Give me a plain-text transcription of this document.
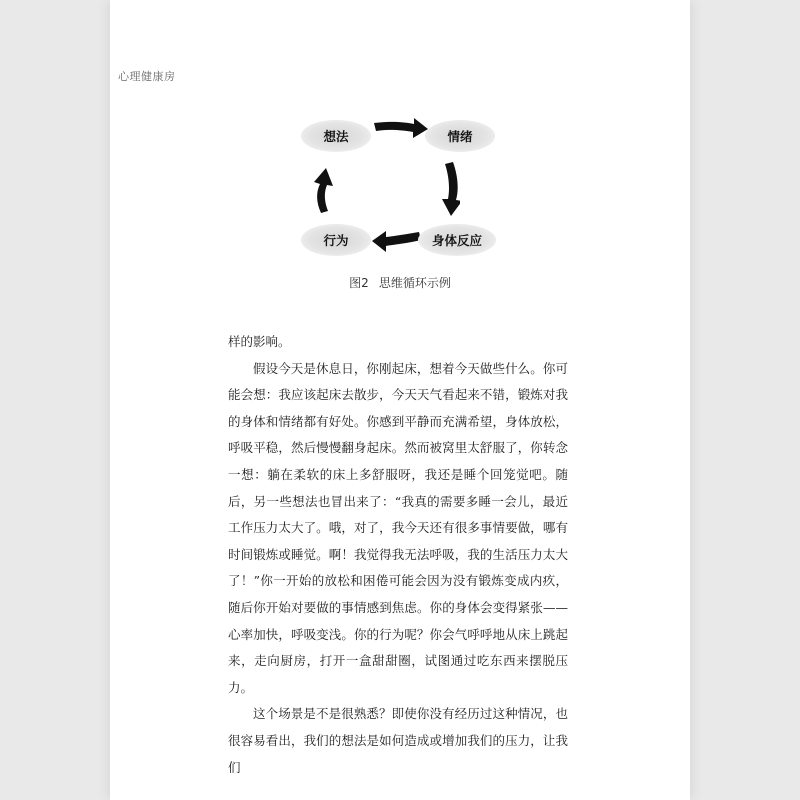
心理健康房
想法	情绪
身体反应
行为
图2 思维循环示例

样的影响。

假设今天是休息日，你刚起床，想着今天做些什么。你可能会想：我应该起床去散步，今天天气看起来不错，锻炼对我的身体和情绪都有好处。你感到平静而充满希望，身体放松，呼吸平稳，然后慢慢翻身起床。然而被窝里太舒服了，你转念一想：躺在柔软的床上多舒服呀，我还是睡个回笼觉吧。随后，另一些想法也冒出来了：“我真的需要多睡一会儿，最近工作压力太大了。哦，对了，我今天还有很多事情要做，哪有时间锻炼或睡觉。啊！我觉得我无法呼吸，我的生活压力太大了！”你一开始的放松和困倦可能会因为没有锻炼变成内疚，随后你开始对要做的事情感到焦虑。你的身体会变得紧张——心率加快，呼吸变浅。你的行为呢？你会气呼呼地从床上跳起来，走向厨房，打开一盒甜甜圈，试图通过吃东西来摆脱压力。

这个场景是不是很熟悉？即使你没有经历过这种情况，也很容易看出，我们的想法是如何造成或增加我们的压力，让我们
